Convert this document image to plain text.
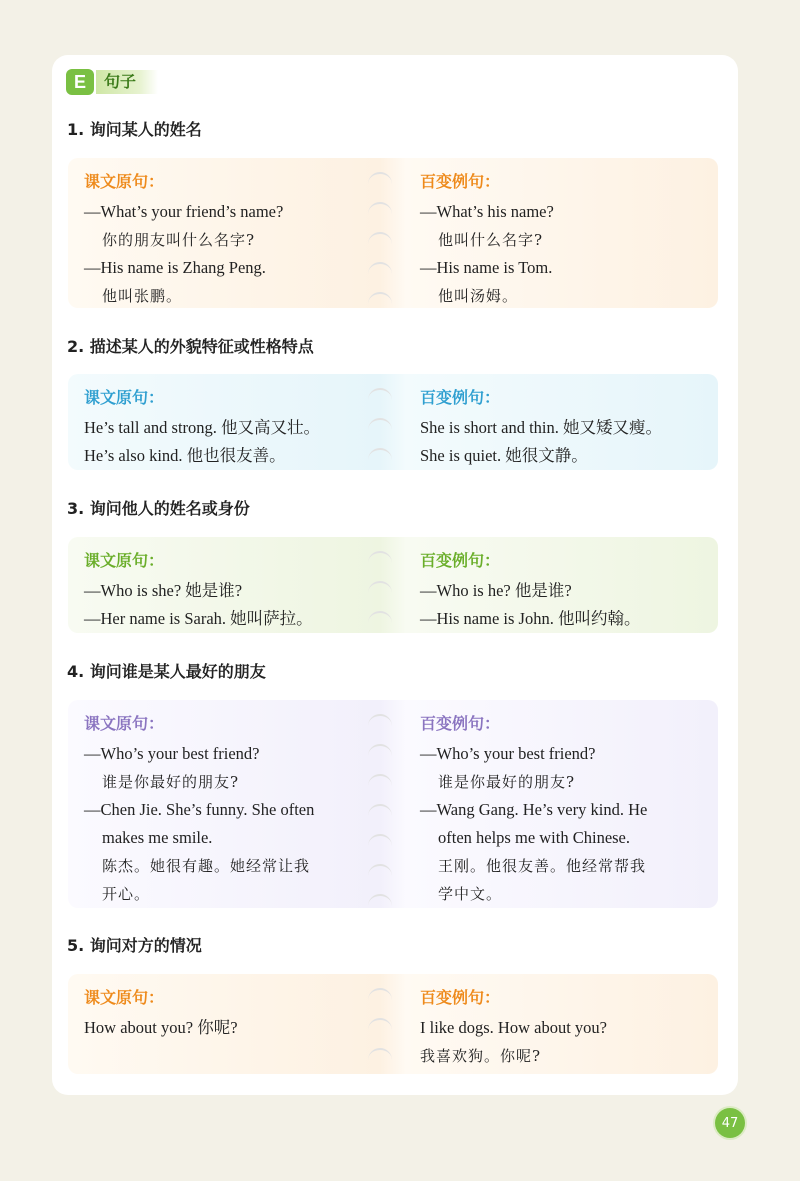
E	句子
1. 询问某人的姓名
课文原句：
—What’s your friend’s name?
你的朋友叫什么名字?
—His name is Zhang Peng.
他叫张鹏。
百变例句：
—What’s his name?
他叫什么名字?
—His name is Tom.
他叫汤姆。
2. 描述某人的外貌特征或性格特点
课文原句：
He’s tall and strong. 他又高又壮。
He’s also kind. 他也很友善。
百变例句：
She is short and thin. 她又矮又瘦。
She is quiet. 她很文静。
3. 询问他人的姓名或身份
课文原句：
—Who is she? 她是谁?
—Her name is Sarah. 她叫萨拉。
百变例句：
—Who is he? 他是谁?
—His name is John. 他叫约翰。
4. 询问谁是某人最好的朋友
课文原句：
—Who’s your best friend?
谁是你最好的朋友?
—Chen Jie. She’s funny. She often
makes me smile.
陈杰。她很有趣。她经常让我
开心。
百变例句：
—Who’s your best friend?
谁是你最好的朋友?
—Wang Gang. He’s very kind. He
often helps me with Chinese.
王刚。他很友善。他经常帮我
学中文。
5. 询问对方的情况
课文原句：
How about you? 你呢?
百变例句：
I like dogs. How about you?
我喜欢狗。你呢?
47
